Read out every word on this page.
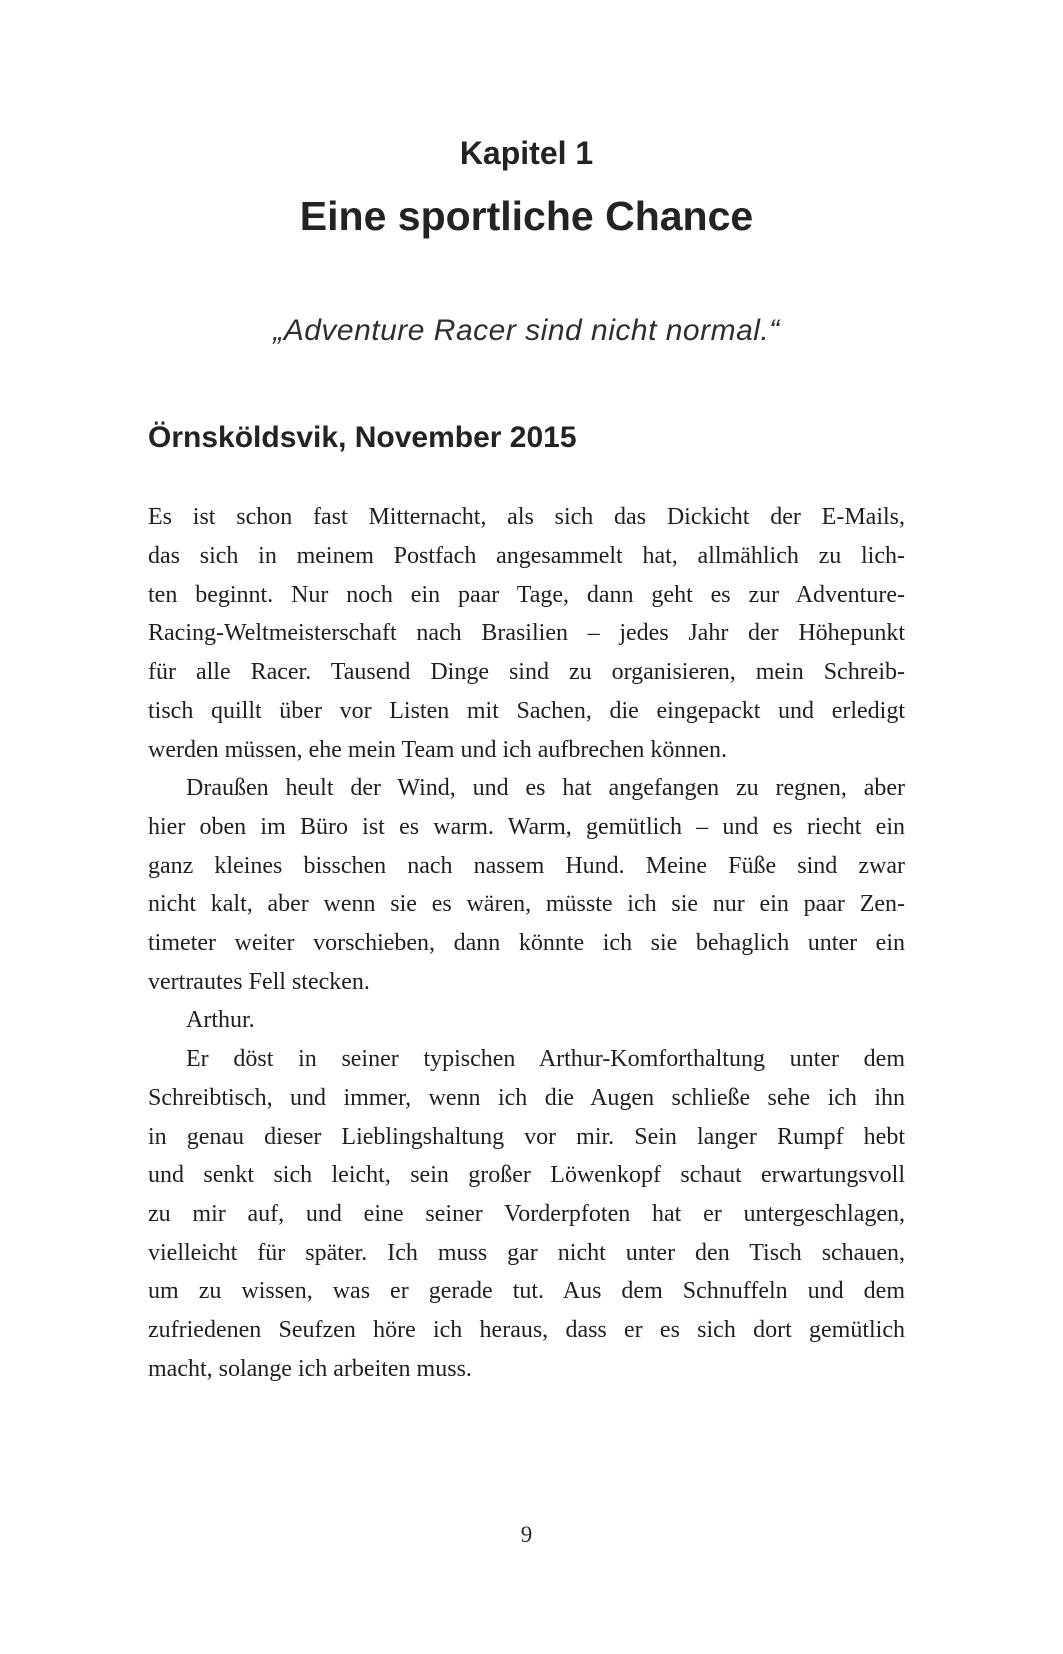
Kapitel 1
Eine sportliche Chance
„Adventure Racer sind nicht normal.“
Örnsköldsvik, November 2015
Es ist schon fast Mitternacht, als sich das Dickicht der E-Mails,
das sich in meinem Postfach angesammelt hat, allmählich zu lich-
ten beginnt. Nur noch ein paar Tage, dann geht es zur Adventure-
Racing-Weltmeisterschaft nach Brasilien – jedes Jahr der Höhepunkt
für alle Racer. Tausend Dinge sind zu organisieren, mein Schreib-
tisch quillt über vor Listen mit Sachen, die eingepackt und erledigt
werden müssen, ehe mein Team und ich aufbrechen können.
Draußen heult der Wind, und es hat angefangen zu regnen, aber
hier oben im Büro ist es warm. Warm, gemütlich – und es riecht ein
ganz kleines bisschen nach nassem Hund. Meine Füße sind zwar
nicht kalt, aber wenn sie es wären, müsste ich sie nur ein paar Zen-
timeter weiter vorschieben, dann könnte ich sie behaglich unter ein
vertrautes Fell stecken.
Arthur.
Er döst in seiner typischen Arthur-Komforthaltung unter dem
Schreibtisch, und immer, wenn ich die Augen schließe sehe ich ihn
in genau dieser Lieblingshaltung vor mir. Sein langer Rumpf hebt
und senkt sich leicht, sein großer Löwenkopf schaut erwartungsvoll
zu mir auf, und eine seiner Vorderpfoten hat er untergeschlagen,
vielleicht für später. Ich muss gar nicht unter den Tisch schauen,
um zu wissen, was er gerade tut. Aus dem Schnuffeln und dem
zufriedenen Seufzen höre ich heraus, dass er es sich dort gemütlich
macht, solange ich arbeiten muss.
9
